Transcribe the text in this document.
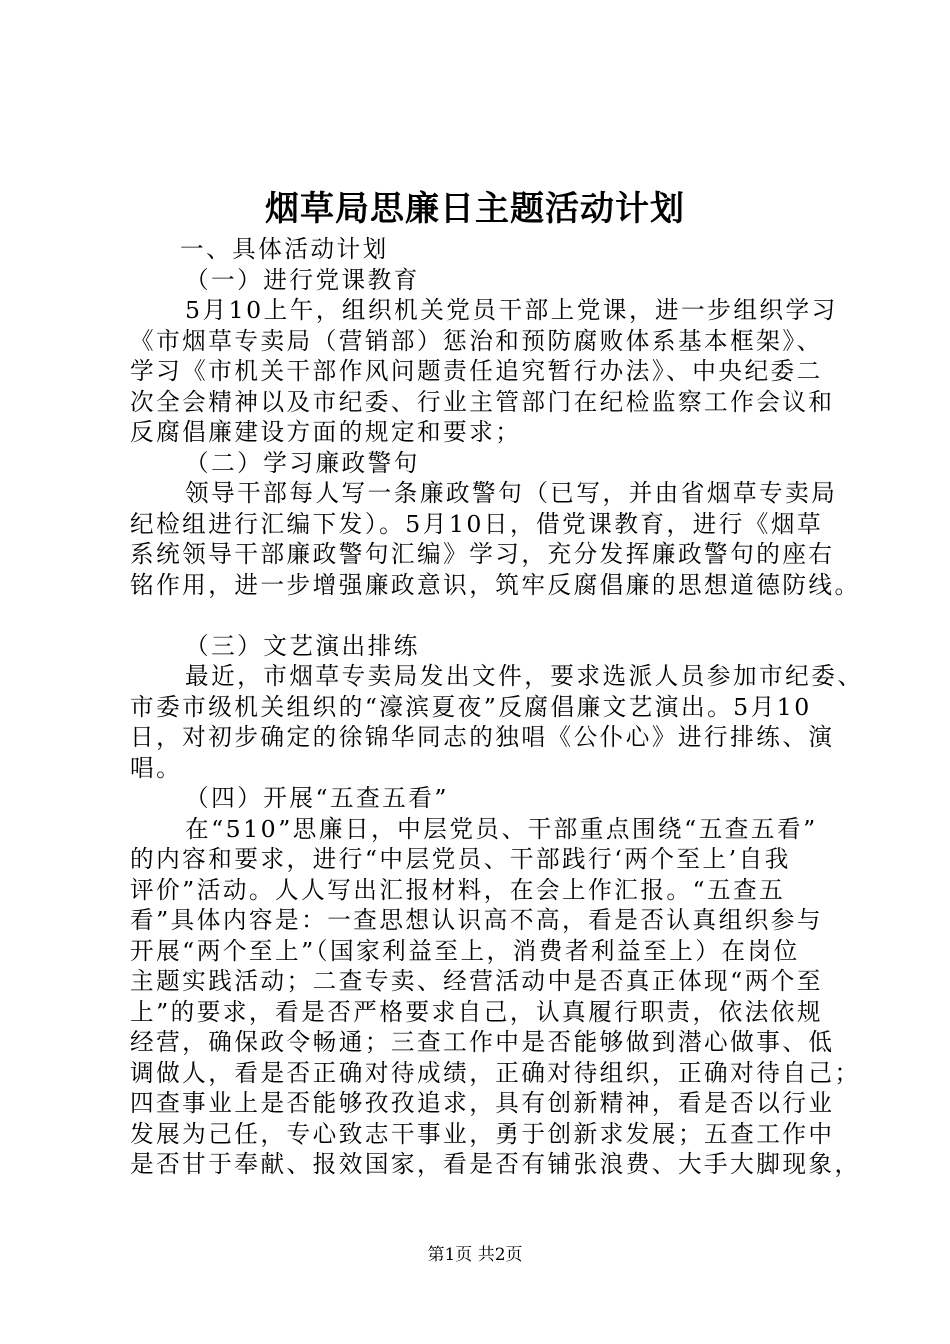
烟草局思廉日主题活动计划
一、具体活动计划
（一）进行党课教育
5月10上午，组织机关党员干部上党课，进一步组织学习
《市烟草专卖局（营销部）惩治和预防腐败体系基本框架》、
学习《市机关干部作风问题责任追究暂行办法》、中央纪委二
次全会精神以及市纪委、行业主管部门在纪检监察工作会议和
反腐倡廉建设方面的规定和要求；
（二）学习廉政警句
领导干部每人写一条廉政警句（已写，并由省烟草专卖局
纪检组进行汇编下发）。5月10日，借党课教育，进行《烟草
系统领导干部廉政警句汇编》学习，充分发挥廉政警句的座右
铭作用，进一步增强廉政意识，筑牢反腐倡廉的思想道德防线。
（三）文艺演出排练
最近，市烟草专卖局发出文件，要求选派人员参加市纪委、
市委市级机关组织的“濠滨夏夜”反腐倡廉文艺演出。5月10
日，对初步确定的徐锦华同志的独唱《公仆心》进行排练、演
唱。
（四）开展“五查五看”
在“510”思廉日，中层党员、干部重点围绕“五查五看”
的内容和要求，进行“中层党员、干部践行‘两个至上’自我
评价”活动。人人写出汇报材料，在会上作汇报。“五查五
看”具体内容是：一查思想认识高不高，看是否认真组织参与
开展“两个至上”（国家利益至上，消费者利益至上）在岗位
主题实践活动；二查专卖、经营活动中是否真正体现“两个至
上”的要求，看是否严格要求自己，认真履行职责，依法依规
经营，确保政令畅通；三查工作中是否能够做到潜心做事、低
调做人，看是否正确对待成绩，正确对待组织，正确对待自己；
四查事业上是否能够孜孜追求，具有创新精神，看是否以行业
发展为己任，专心致志干事业，勇于创新求发展；五查工作中
是否甘于奉献、报效国家，看是否有铺张浪费、大手大脚现象，
第1页 共2页
